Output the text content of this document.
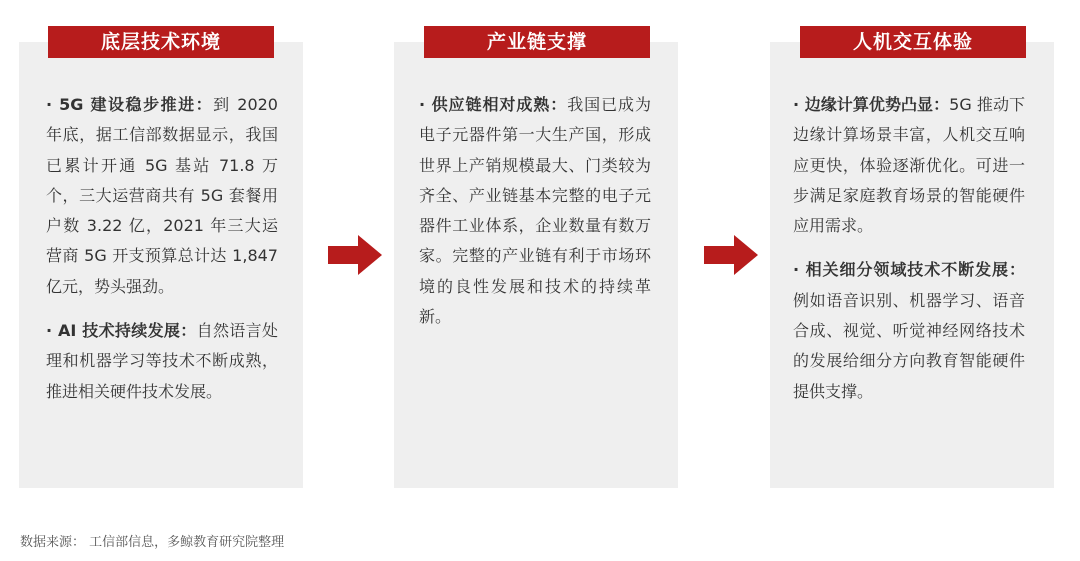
底层技术环境

· 5G 建设稳步推进：到 2020 年底，据工信部数据显示，我国已累计开通 5G 基站 71.8 万个，三大运营商共有 5G 套餐用户数 3.22 亿，2021 年三大运营商 5G 开支预算总计达 1,847 亿元，势头强劲。

· AI 技术持续发展：自然语言处理和机器学习等技术不断成熟，推进相关硬件技术发展。

产业链支撑

· 供应链相对成熟：我国已成为电子元器件第一大生产国，形成世界上产销规模最大、门类较为齐全、产业链基本完整的电子元器件工业体系，企业数量有数万家。完整的产业链有利于市场环境的良性发展和技术的持续革新。

人机交互体验

· 边缘计算优势凸显：5G 推动下边缘计算场景丰富，人机交互响应更快，体验逐渐优化。可进一步满足家庭教育场景的智能硬件应用需求。

· 相关细分领域技术不断发展：例如语音识别、机器学习、语音合成、视觉、听觉神经网络技术的发展给细分方向教育智能硬件提供支撑。

数据来源： 工信部信息，多鲸教育研究院整理
